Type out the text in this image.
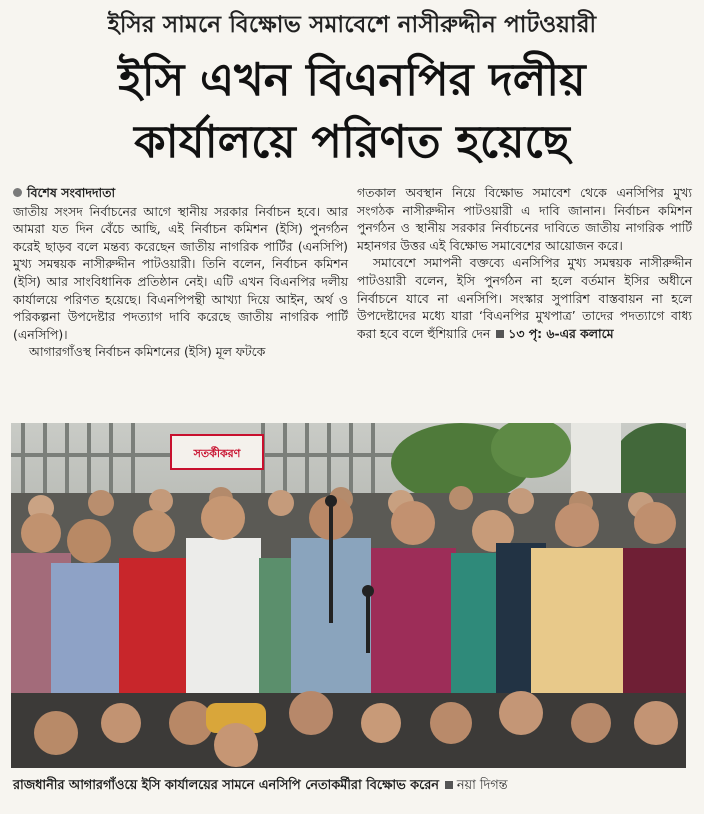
ইসির সামনে বিক্ষোভ সমাবেশে নাসীরুদ্দীন পাটওয়ারী
ইসি এখন বিএনপির দলীয়
কার্যালয়ে পরিণত হয়েছে
বিশেষ সংবাদদাতা

জাতীয় সংসদ নির্বাচনের আগে স্থানীয় সরকার নির্বাচন হবে। আর আমরা যত দিন বেঁচে আছি, এই নির্বাচন কমিশন (ইসি) পুনর্গঠন করেই ছাড়ব বলে মন্তব্য করেছেন জাতীয় নাগরিক পার্টির (এনসিপি) মুখ্য সমন্বয়ক নাসীরুদ্দীন পাটওয়ারী। তিনি বলেন, নির্বাচন কমিশন (ইসি) আর সাংবিধানিক প্রতিষ্ঠান নেই। এটি এখন বিএনপির দলীয় কার্যালয়ে পরিণত হয়েছে। বিএনপিপন্থী আখ্যা দিয়ে আইন, অর্থ ও পরিকল্পনা উপদেষ্টার পদত্যাগ দাবি করেছে জাতীয় নাগরিক পার্টি (এনসিপি)।

আগারগাঁওস্থ নির্বাচন কমিশনের (ইসি) মূল ফটকে

গতকাল অবস্থান নিয়ে বিক্ষোভ সমাবেশ থেকে এনসিপির মুখ্য সংগঠক নাসীরুদ্দীন পাটওয়ারী এ দাবি জানান। নির্বাচন কমিশন পুনর্গঠন ও স্থানীয় সরকার নির্বাচনের দাবিতে জাতীয় নাগরিক পার্টি মহানগর উত্তর এই বিক্ষোভ সমাবেশের আয়োজন করে।

সমাবেশে সমাপনী বক্তব্যে এনসিপির মুখ্য সমন্বয়ক নাসীরুদ্দীন পাটওয়ারী বলেন, ইসি পুনর্গঠন না হলে বর্তমান ইসির অধীনে নির্বাচনে যাবে না এনসিপি। সংস্কার সুপারিশ বাস্তবায়ন না হলে উপদেষ্টাদের মধ্যে যারা ‘বিএনপির মুখপাত্র’ তাদের পদত্যাগে বাধ্য করা হবে বলে হুঁশিয়ারি দেন ১৩ পৃ: ৬-এর কলামে

সতর্কীকরণ
রাজধানীর আগারগাঁওয়ে ইসি কার্যালয়ের সামনে এনসিপি নেতাকর্মীরা বিক্ষোভ করেন নয়া দিগন্ত
